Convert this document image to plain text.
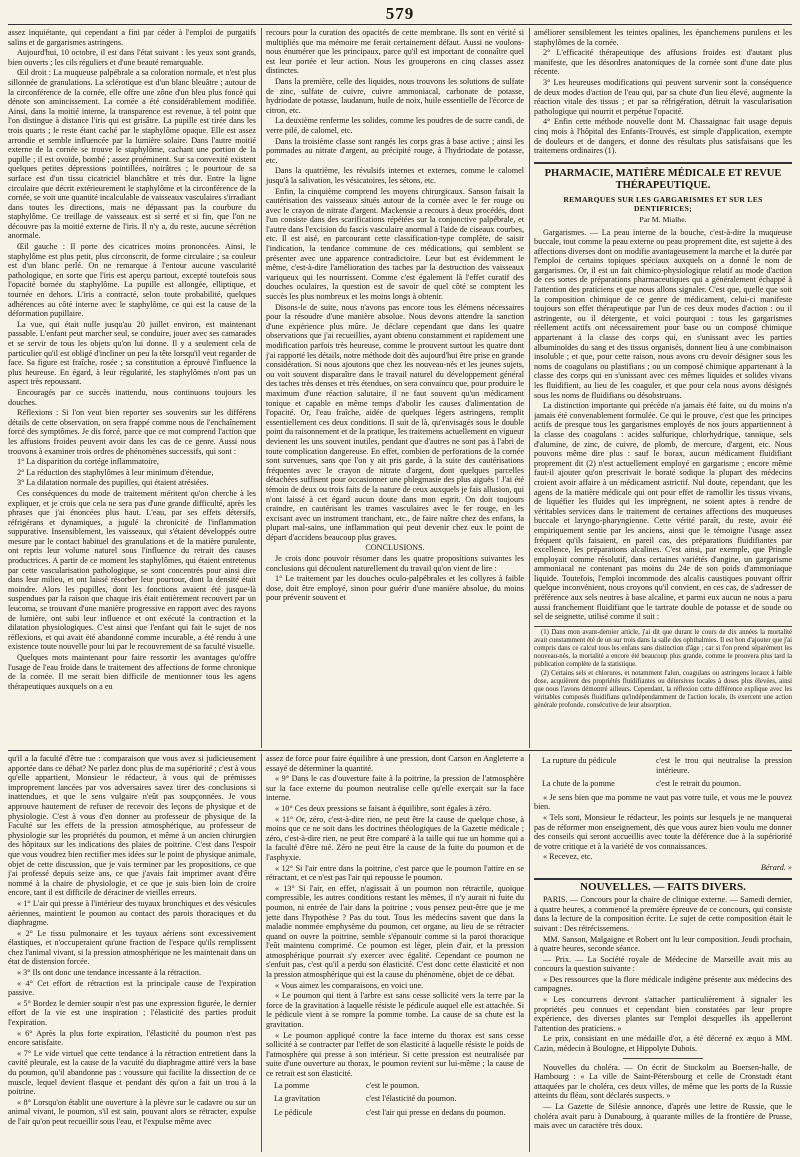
579

assez inquiétante, qui cependant a fini par céder à l'emploi de purgatifs salins et de gargarismes astringens.

Aujourd'hui, 10 octobre, il est dans l'état suivant : les yeux sont grands, bien ouverts ; les cils réguliers et d'une beauté remarquable.

Œil droit : La muqueuse palpébrale a sa coloration normale, et n'est plus sillonnée de granulations. La sclérotique est d'un blanc bleuâtre ; autour de la circonférence de la cornée, elle offre une zône d'un bleu plus foncé qui dénote son amincissement. La cornée a été considérablement modifiée. Ainsi, dans la moitié interne, la transparence est revenue, à tel point que l'on distingue à distance l'iris qui est grisâtre. La pupille est tirée dans les trois quarts ; le reste étant caché par le staphylôme opaque. Elle est assez arrondie et semble influencée par la lumière solaire. Dans l'autre moitié externe de la cornée se trouve le staphylôme, cachant une portion de la pupille ; il est ovoïde, bombé ; assez proéminent. Sur sa convexité existent quelques petites dépressions pointillées, noirâtres ; le pourtour de sa surface est d'un tissu cicatriciel blanchâtre et très dur. Entre la ligne circulaire que décrit extérieurement le staphylôme et la circonférence de la cornée, se voit une quantité incalculable de vaisseaux vasculaires s'irradiant dans toutes les directions, mais ne dépassant pas la courbure du staphylôme. Ce treillage de vaisseaux est si serré et si fin, que l'on ne découvre pas la moitié externe de l'iris. Il n'y a, du reste, aucune sécrétion anormale.

Œil gauche : Il porte des cicatrices moins prononcées. Ainsi, le staphylôme est plus petit, plus circonscrit, de forme circulaire ; sa couleur est d'un blanc perlé. On ne remarque à l'entour aucune vascularité pathologique, en sorte que l'iris est aperçu partout, excepté toutefois sous l'opacité bornée du staphylôme. La pupille est allongée, elliptique, et tournée en dehors. L'iris a contracté, selon toute probabilité, quelques adhérences au côté interne avec le staphylôme, ce qui est la cause de la déformation pupillaire.

La vue, qui était nulle jusqu'au 20 juillet environ, est maintenant passable. L'enfant peut marcher seul, se conduire, jouer avec ses camarades et se servir de tous les objets qu'on lui donne. Il y a seulement cela de particulier qu'il est obligé d'incliner un peu la tête lorsqu'il veut regarder de face. Sa figure est fraîche, rosée ; sa constitution a éprouvé l'influence la plus heureuse. En égard, à leur régularité, les staphylômes n'ont pas un aspect très repoussant.

Encouragés par ce succès inattendu, nous continuons toujours les douches.

Réflexions : Si l'on veut bien reporter ses souvenirs sur les différens détails de cette observation, on sera frappé comme nous de l'enchaînement forcé des symptômes. Je dis forcé, parce que ce mot comprend l'action que les affusions froides peuvent avoir dans les cas de ce genre. Aussi nous trouvons à examiner trois ordres de phénomènes successifs, qui sont :

1° La disparition du cortége inflammatoire,

2° La réduction des staphylômes à leur minimum d'étendue,

3° La dilatation normale des pupilles, qui étaient atrésiées.

Ces conséquences du mode de traitement méritent qu'on cherche à les expliquer, et je crois que cela ne sera pas d'une grande difficulté, après les phrases que j'ai énoncées plus haut. L'eau, par ses effets détersifs, réfrigérans et dynamiques, a jugulé la chronicité de l'inflammation suppurative. Insensiblement, les vaisseaux, qui s'étaient développés outre mesure par le contact habituel des granulations et de la matière purulente, ont repris leur volume naturel sous l'influence du retrait des causes productrices. A partir de ce moment les staphylômes, qui étaient entretenus par cette vascularisation pathologique, se sont concentrés pour ainsi dire dans leur milieu, et ont laissé résorber leur pourtour, dont la densité était moindre. Alors les pupilles, dont les fonctions avaient été jusque-là suspendues par la raison que chaque iris était entièrement recouvert par un leucoma, se trouvant d'une manière progressive en rapport avec des rayons de lumière, ont subi leur influence et ont exécuté la contraction et la dilatation physiologiques. C'est ainsi que l'enfant qui fait le sujet de nos réflexions, et qui avait été abandonné comme incurable, a été rendu à une existence toute nouvelle pour lui par le recouvrement de sa faculté visuelle.

Quelques mots maintenant pour faire ressortir les avantages qu'offre l'usage de l'eau froide dans le traitement des affections de forme chronique de la cornée. Il me serait bien difficile de mentionner tous les agens thérapeutiques auxquels on a eu

recours pour la curation des opacités de cette membrane. Ils sont en vérité si multipliés que ma mémoire me ferait certainement défaut. Aussi ne voulons-nous énumérer que les principaux, parce qu'il est important de connaître quel est leur portée et leur action. Nous les grouperons en cinq classes assez distinctes.

Dans la première, celle des liquides, nous trouvons les solutions de sulfate de zinc, sulfate de cuivre, cuivre ammoniacal, carbonate de potasse, hydriodate de potasse, laudanum, huile de noix, huile essentielle de l'écorce de citron, etc.

La deuxième renferme les solides, comme les poudres de de sucre candi, de verre pilé, de calomel, etc.

Dans la troisième classe sont rangés les corps gras à base active ; ainsi les pommades au nitrate d'argent, au précipité rouge, à l'hydriodate de potasse, etc.

Dans la quatrième, les révulsifs internes et externes, comme le calomel jusqu'à la salivation, les vésicatoires, les sétons, etc.

Enfin, la cinquième comprend les moyens chirurgicaux. Sanson faisait la cautérisation des vaisseaux situés autour de la cornée avec le fer rouge ou avec le crayon de nitrate d'argent. Mackensie a recours à deux procédés, dont l'un consiste dans des scarifications répétées sur la conjonctive palpébrale, et l'autre dans l'excision du fascis vasculaire anormal à l'aide de ciseaux courbes, etc. Il est aisé, en parcourant cette classification-type complète, de saisir l'indication, la tendance commune de ces médications, qui semblent se présenter avec une apparence contradictoire. Leur but est évidemment le même, c'est-à-dire l'amélioration des taches par la destruction des vaisseaux variqueux qui les nourrissent. Comme c'est également là l'effet curatif des douches oculaires, la question est de savoir de quel côté se comptent les succès les plus nombreux et les moins longs à obtenir.

Disons-le de suite, nous n'avons pas encore tous les élémens nécessaires pour la résoudre d'une manière absolue. Nous devons attendre la sanction d'une expérience plus mûre. Je déclare cependant que dans les quatre observations que j'ai recueillies, ayant obtenu constamment et rapidement une modification parfois très heureuse, comme le prouvent surtout les quatre dont j'ai rapporté les détails, notre méthode doit dès aujourd'hui être prise en grande considération. Si nous ajoutons que chez les nouveau-nés et les jeunes sujets, ou voit souvent disparaître dans le travail naturel du développement général des taches très denses et très étendues, on sera convaincu que, pour produire le maximum d'une réaction salutaire, il ne faut souvent qu'un médicament tonique et capable en même temps d'abolir les causes d'alimentation de l'opacité. Or, l'eau fraîche, aidée de quelques légers astringens, remplit essentiellement ces deux conditions. Il suit de là, qu'envisagés sous le double point du raisonnement et de la pratique, les traitemens actuellement en vigueur devienent les uns souvent inutiles, pendant que d'autres ne sont pas à l'abri de toute complication dangereuse. En effet, combien de perforations de la cornée sont survenues, sans que l'on y ait pris garde, à la suite des cautérisations fréquentes avec le crayon de nitrate d'argent, dont quelques parcelles détachées suffisent pour occasionner une phlegmasie des plus aiguës ! J'ai été témoin de deux ou trois faits de la nature de ceux auxquels je fais allusion, qui n'ont laissé à cet égard aucun doute dans mon esprit. On doit toujours craindre, en cautérisant les trames vasculaires avec le fer rouge, en les excisant avec un instrument tranchant, etc., de faire naître chez des enfans, la plupart mal-sains, une inflammation qui peut devenir chez eux le point de départ d'accidens beaucoup plus graves.

CONCLUSIONS.

Je crois donc pouvoir résumer dans les quatre propositions suivantes les conclusions qui découlent naturellement du travail qu'on vient de lire :

1° Le traitement par les douches oculo-palpébrales et les collyres à faible dose, doit être employé, sinon pour guérir d'une manière absolue, du moins pour prévenir souvent et

améliorer sensiblement les teintes opalines, les épanchemens purulens et les staphylômes de la cornée.

2° L'efficacité thérapeutique des affusions froides est d'autant plus manifeste, que les désordres anatomiques de la cornée sont d'une date plus récente.

3° Les heureuses modifications qui peuvent survenir sont la conséquence de deux modes d'action de l'eau qui, par sa chute d'un lieu élevé, augmente la réaction vitale des tissus ; et par sa réfrigération, détruit la vascularisation pathologique qui nourrit et perpétue l'opacité.

4° Enfin cette méthode nouvelle dont M. Chassaignac fait usage depuis cinq mois à l'hôpital des Enfants-Trouvés, est simple d'application, exempte de douleurs et de dangers, et donne des résultats plus satisfaisans que les traitemens ordinaires (1).

PHARMACIE, MATIÈRE MÉDICALE ET REVUE THÉRAPEUTIQUE.
REMARQUES SUR LES GARGARISMES ET SUR LES DENTIFRICES;
Par M. Mialhe.

Gargarismes. — La peau interne de la bouche, c'est-à-dire la muqueuse buccale, tout comme la peau externe ou peau proprement dite, est sujette à des affections diverses dont on modifie avantageusement la marche et la durée par l'emploi de certains topiques spéciaux auxquels on a donné le nom de gargarismes. Or, il est un fait chimico-physiologique relatif au mode d'action de ces sortes de préparations pharmaceutiques qui a généralement échappé à l'attention des praticiens et que nous allons signaler. C'est que, quelle que soit la composition chimique de ce genre de médicament, celui-ci manifeste toujours son effet thérapeutique par l'un de ces deux modes d'action : ou il astringente, ou il détergente, et voici pourquoi : tous les gargarismes réellement actifs ont nécessairement pour base ou un composé chimique appartenant à la classe des corps qui, en s'unissant avec les parties albuminoïdes du sang et des tissus organisés, donnent lieu à une combinaison insoluble ; et que, pour cette raison, nous avons cru devoir désigner sous les noms de coagulans ou plastifians ; ou un composé chimique appartenant à la classe des corps qui en s'unissant avec ces mêmes liquides et solides vivans les fluidifient, au lieu de les coaguler, et que pour cela nous avons désignés sous les noms de fluidifians ou désobstruans.

La distinction importante qui précède n'a jamais été faite, ou du moins n'a jamais été convenablement formulée. Ce qui le prouve, c'est que les principes actifs de presque tous les gargarismes employés de nos jours appartiennent à la classe des coagulans : acides sulfurique, chlorhydrique, tannique, sels d'alumine, de zinc, de cuivre, de plomb, de mercure, d'argent, etc. Nous pouvons même dire plus : sauf le borax, aucun médicament fluidifiant proprement dit (2) n'est actuellement employé en gargarisme ; encore même faut-il ajouter qu'on prescrivait le boraté sodique la plupart des médecins croient avoir affaire à un médicament astrictif. Nul doute, cependant, que les agens de la matière médicale qui ont pour effet de ramollir les tissus vivans, de liquéfier les fluides qui les imprègnent, ne soient aptes à rendre de véritables services dans le traitement de certaines affections des muqueuses buccale et laryngo-pharyngienne. Cette vérité paraît, du reste, avoir été empiriquement sentie par les anciens, ainsi que le témoigne l'usage assez fréquent qu'ils faisaient, en pareil cas, des préparations fluidifiantes par excellence, les préparations alcalines. C'est ainsi, par exemple, que Pringle employait comme résolutif, dans certaines variétés d'angine, un gargarisme ammoniacal ne contenant pas moins du 24e de son poids d'ammoniaque liquide. Toutefois, l'emploi incommode des alcalis caustiques pouvant offrir quelque inconvénient, nous croyons qu'il convient, en ces cas, de s'adresser de préférence aux sels neutres à base alcaline, et parmi eux aucun ne nous a paru aussi franchement fluidifiant que le tartrate double de potasse et de soude ou sel de seignette, utilisé comme il suit :

(1) Dans mon avant-dernier article, j'ai dit que durant le cours de dix années la mortalité avait constamment été de un sur trois dans la salle des ophthalmies. Il est bon d'ajouter que j'ai compris dans ce calcul tous les enfans sans distinction d'âge ; car si l'on prend séparément les nouveau-nés, la mortalité a encore été beaucoup plus grande, comme le prouvera plus tard la publication complète de la statistique.

(2) Certains sels et chlorures, et notamment l'alun, coagulans ou astringens locaux à faible dose, acquièrent des propriétés fluidifiantes ou détersives locales à doses plus élevées, ainsi que nous l'avons démontré ailleurs. Cependant, la réflexion cette différence explique avec les véritables composés fluidifians qu'indépendamment de l'action locale, ils exercent une action générale profonde, consécutive de leur absorption.

qu'il a la faculté d'être tue : comparaison que vous avez si judicieusement apportée dans ce débat? Ne parlez donc plus de ma supériorité ; c'est à vous qu'elle appartient, Monsieur le rédacteur, à vous qui de prémisses improprement lancées par vos adversaires savez tirer des conclusions si inattendues, et que le sens vulgaire n'eût pas soupçonnées. Je vous approuve hautement de refuser de recevoir des leçons de physique et de physiologie. C'est à vous d'en donner au professeur de physique de la Faculté sur les effets de la pression atmosphérique, au professeur de physiologie sur les propriétés du poumon, et même à un ancien chirurgien des hôpitaux sur les indications des plaies de poitrine. C'est dans l'espoir que vous voudrez bien rectifier mes idées sur le point de physique animale, objet de cette discussion, que je vais terminer par les propositions, ce que j'ai professé depuis seize ans, ce que j'avais fait imprimer avant d'être nommé à la chaire de physiologie, et ce que je suis bien loin de croire encore, tant il est difficile de déraciner de vieilles erreurs.

« 1° L'air qui presse à l'intérieur des tuyaux bronchiques et des vésicules aériennes, maintient le poumon au contact des parois thoraciques et du diaphragme.

« 2° Le tissu pulmonaire et les tuyaux aériens sont excessivement élastiques, et n'occuperaient qu'une fraction de l'espace qu'ils remplissent chez l'animal vivant, si la pression atmosphérique ne les maintenait dans un état de distension forcée.

« 3° Ils ont donc une tendance incessante à la rétraction.

« 4° Cet effort de rétraction est la principale cause de l'expiration passive.

« 5° Bordez le dernier soupir n'est pas une expression figurée, le dernier effort de la vie est une inspiration ; l'élasticité des parties produit l'expiration.

« 6° Après la plus forte expiration, l'élasticité du poumon n'est pas encore satisfaite.

« 7° Le vide virtuel que cette tendance à la rétraction entretient dans la cavité pleurale, est la cause de la vacuité du diaphragme attiré vers la base du poumon, qu'il abandonne pas : voussure qui facilite la dissection de ce muscle, lequel devient flasque et pendant dès qu'on a fait un trou à la poitrine.

« 8° Lorsqu'on établit une ouverture à la plèvre sur le cadavre ou sur un animal vivant, le poumon, s'il est sain, pouvant alors se rétracter, expulse de l'air qu'on peut recueillir sous l'eau, et l'expulse même avec

assez de force pour faire équilibre à une pression, dont Carson en Angleterre a essayé de déterminer la quantité.

« 9° Dans le cas d'ouverture faite à la poitrine, la pression de l'atmosphère sur la face externe du poumon neutralise celle qu'elle exerçait sur la face interne.

« 10° Ces deux pressions se faisant à équilibre, sont égales à zéro.

« 11° Or, zéro, c'est-à-dire rien, ne peut être la cause de quelque chose, à moins que ce ne soit dans les doctrines théologiques de la Gazette médicale ; zéro, c'est-à-dire rien, ne peut être comparé à la taille qui tue un homme qui a la faculté d'être tué. Zéro ne peut être la cause de la fuite du poumon et de l'asphyxie.

« 12° Si l'air entre dans la poitrine, c'est parce que le poumon l'attire en se rétractant, et ce n'est pas l'air qui repousse le poumon.

« 13° Si l'air, en effet, n'agissait à un poumon non rétractile, quoique compressible, les autres conditions restant les mêmes, il n'y aurait ni fuite du poumon, ni entrée de l'air dans la poitrine ; vous pensez peut-être que je me jette dans l'hypothèse ? Pas du tout. Tous les médecins savent que dans la maladie nommée emphysème du poumon, cet organe, au lieu de se rétracter quand on ouvre la poitrine, semble s'épanouir comme si la paroi thoracique l'eût maintenu comprimé. Ce poumon est léger, plein d'air, et la pression atmosphérique pourrait s'y exercer avec égalité. Cependant ce poumon ne s'enfuit pas, c'est qu'il a perdu son élasticité. C'est donc cette élasticité et non la pression atmosphérique qui est la cause du phénomène, objet de ce débat.

« Vous aimez les comparaisons, en voici une.

« Le poumon qui tient à l'arbre est sans cesse sollicité vers la terre par la force de la gravitation à laquelle résiste le pédicule auquel elle est attachée. Si le pédicule vient à se rompre la pomme tombe. La cause de sa chute est la gravitation.

« Le poumon appliqué contre la face interne du thorax est sans cesse sollicité à se contracter par l'effet de son élasticité à laquelle résiste le poids de l'atmosphère qui presse à son intérieur. Si cette pression est neutralisée par suite d'une ouverture au thorax, le poumon revient sur lui-même ; la cause de ce retrait est son élasticité.

La pomme	c'est le poumon.
La gravitation	c'est l'élasticité du poumon.
Le pédicule	c'est l'air qui presse en dedans du poumon.
La rupture du pédicule	c'est le trou qui neutralise la pression intérieure.
La chute de la pomme	c'est le retrait du poumon.

« Je sens bien que ma pomme ne vaut pas votre tuile, et vous me le pouvez bien.

« Tels sont, Monsieur le rédacteur, les points sur lesquels je ne manquerai pas de réformer mon enseignement, dès que vous aurez bien voulu me donner des conseils qui seront accueillis avec toute la déférence due à la supériorité de votre critique et à la variété de vos connaissances.

« Recevez, etc.

Bérard. »

NOUVELLES. — FAITS DIVERS.

PARIS. — Concours pour la chaire de clinique externe. — Samedi dernier, à quatre heures, a commencé la première épreuve de ce concours, qui consiste dans la lecture de la composition écrite. Le sujet de cette composition était le suivant : Des rétrécissemens.

MM. Sanson, Malgaigne et Robert ont lu leur composition. Jeudi prochain, à quatre heures, seconde séance.

— Prix. — La Société royale de Médecine de Marseille avait mis au concours la question suivante :

« Des ressources que la flore médicale indigène présente aux médecins des campagnes.

« Les concurrens devront s'attacher particulièrement à signaler les propriétés peu connues et cependant bien constatées par leur propre expérience, des diverses plantes sur l'emploi desquelles ils appelleront l'attention des praticiens. »

Le prix, consistant en une médaille d'or, a été décerné ex æquo à MM. Cazin, médecin à Boulogne, et Hippolyte Dubois.

Nouvelles du choléra. — On écrit de Stockolm au Boersen-halle, de Hambourg : « La ville de Saint-Pétersbourg et celle de Cronstadt étant attaquées par le choléra, ces deux villes, de même que les ports de la Russie atteints du fléau, sont déclarés suspects. »

— La Gazette de Silésie annonce, d'après une lettre de Russie, que le choléra avait paru à Dunabourg, à quarante milles de la frontière de Prusse, mais avec un caractère très doux.
